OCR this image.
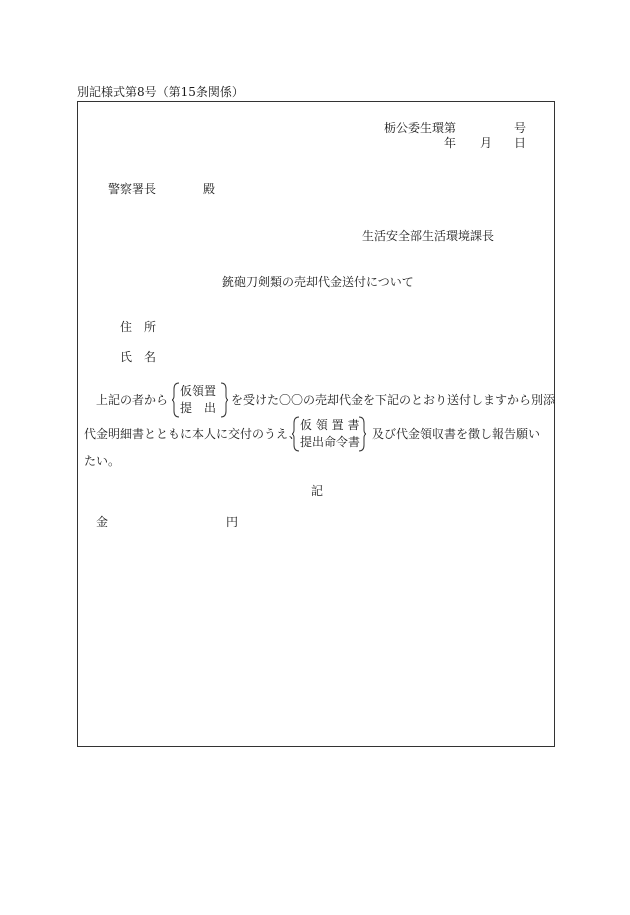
別記様式第8号（第15条関係）
栃公委生環第	号
年 月 日
警察署長	殿
生活安全部生活環境課長
銃砲刀剣類の売却代金送付について
住　所
氏　名
上記の者から
仮領置
提　出
を受けた〇〇の売却代金を下記のとおり送付しますから別添
代金明細書とともに本人に交付のうえ、
仮 領 置 書
提出命令書
及び代金領収書を徴し報告願い
たい。
記
金	円
